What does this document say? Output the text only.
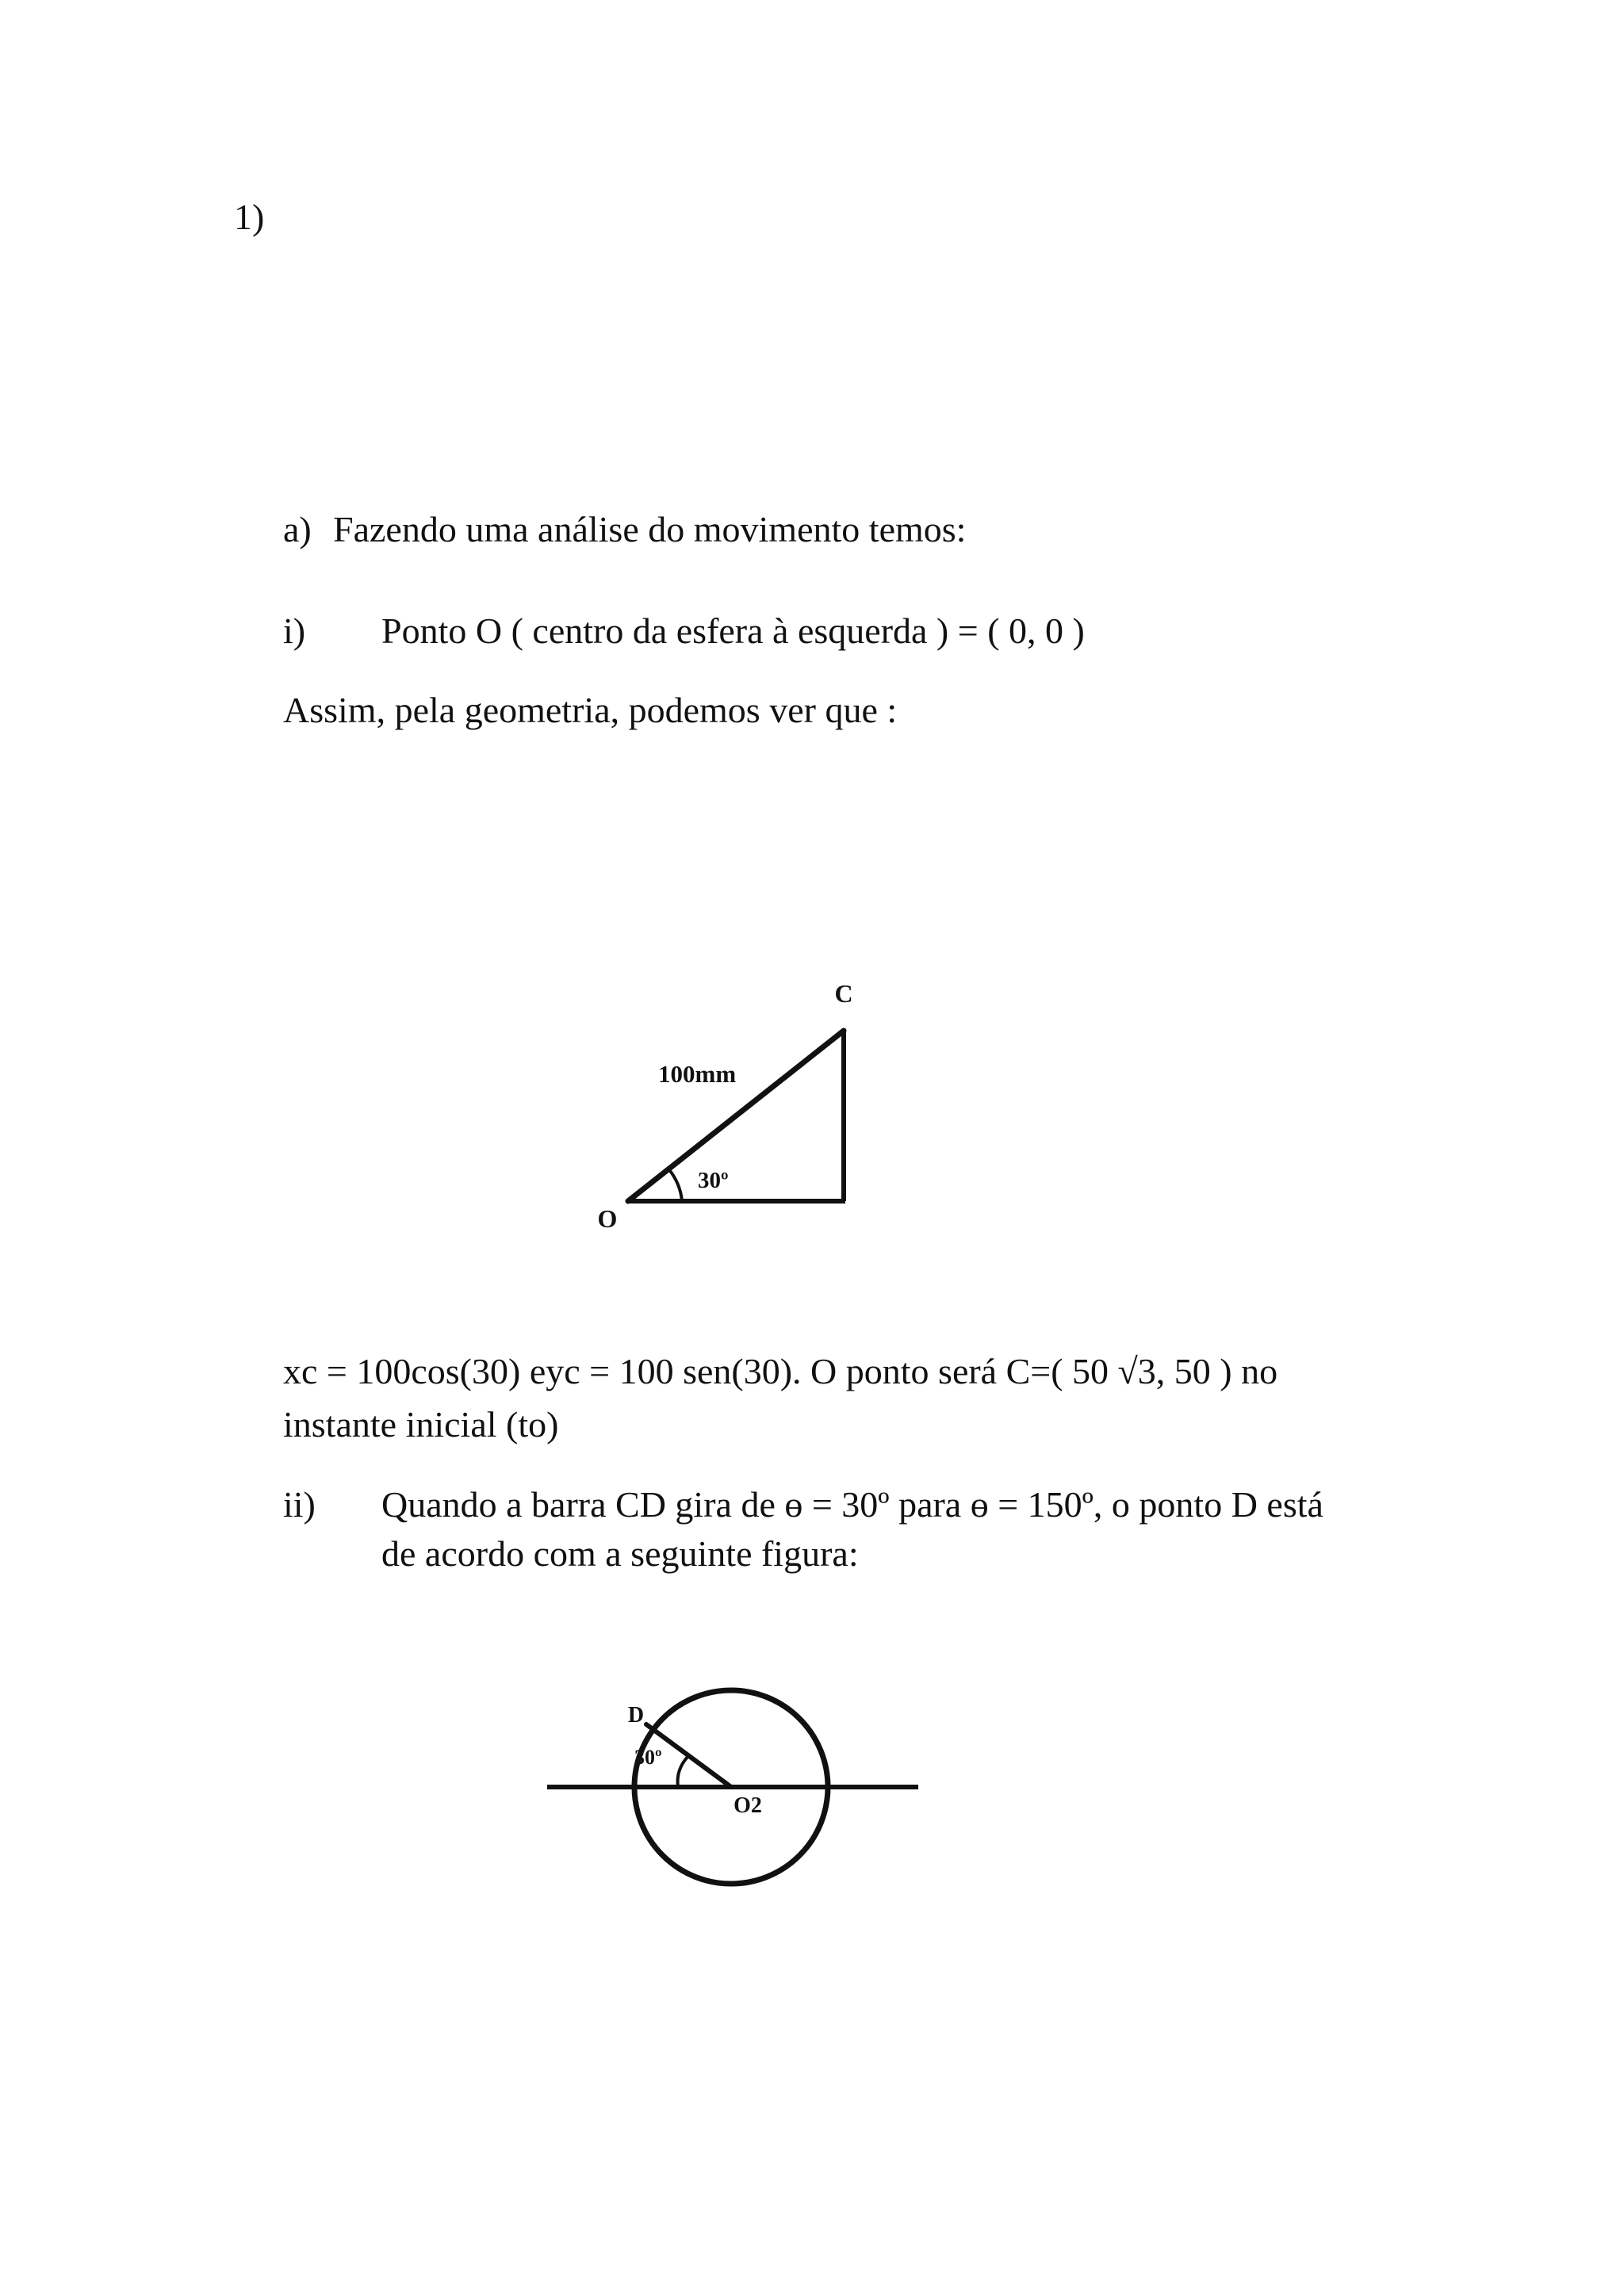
1)

a) Fazendo uma análise do movimento temos:

i) Ponto O ( centro da esfera à esquerda ) = ( 0, 0 )

Assim, pela geometria, podemos ver que :

C
O
100mm
30º

xc = 100cos(30) eyc = 100 sen(30). O ponto será C=( 50 √3, 50 ) no

instante inicial (to)

ii) Quando a barra CD gira de ɵ = 30º para ɵ = 150º, o ponto D está

de acordo com a seguinte figura:

D
O2
30º
